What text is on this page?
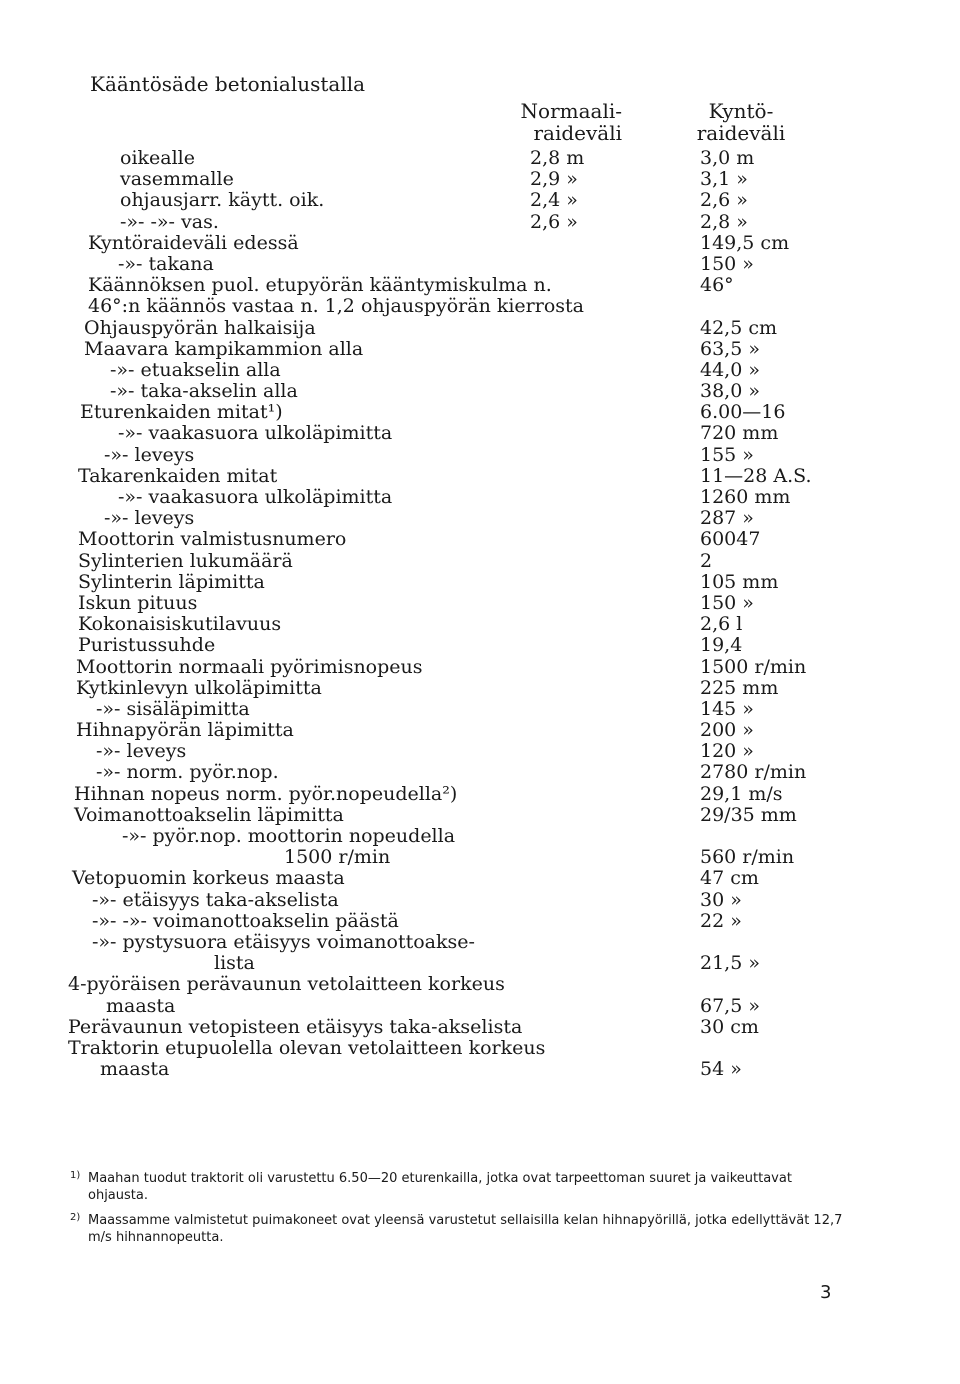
Kääntösäde betonialustalla
Normaali-
raideväli
Kyntö-
raideväli
oikealle	2,8 m	3,0 m
vasemmalle	2,9 »	3,1 »
ohjausjarr. käytt. oik.	2,4 »	2,6 »
-»- -»- vas.	2,6 »	2,8 »
Kyntöraideväli edessä	149,5 cm
-»- takana	150 »
Käännöksen puol. etupyörän kääntymiskulma n.	46°
46°:n käännös vastaa n. 1,2 ohjauspyörän kierrosta
Ohjauspyörän halkaisija	42,5 cm
Maavara kampikammion alla	63,5 »
-»- etuakselin alla	44,0 »
-»- taka-akselin alla	38,0 »
Eturenkaiden mitat¹)	6.00—16
-»- vaakasuora ulkoläpimitta	720 mm
-»- leveys	155 »
Takarenkaiden mitat	11—28 A.S.
-»- vaakasuora ulkoläpimitta	1260 mm
-»- leveys	287 »
Moottorin valmistusnumero	60047
Sylinterien lukumäärä	2
Sylinterin läpimitta	105 mm
Iskun pituus	150 »
Kokonaisiskutilavuus	2,6 l
Puristussuhde	19,4
Moottorin normaali pyörimisnopeus	1500 r/min
Kytkinlevyn ulkoläpimitta	225 mm
-»- sisäläpimitta	145 »
Hihnapyörän läpimitta	200 »
-»- leveys	120 »
-»- norm. pyör.nop.	2780 r/min
Hihnan nopeus norm. pyör.nopeudella²)	29,1 m/s
Voimanottoakselin läpimitta	29/35 mm
-»- pyör.nop. moottorin nopeudella
1500 r/min	560 r/min
Vetopuomin korkeus maasta	47 cm
-»- etäisyys taka-akselista	30 »
-»- -»- voimanottoakselin päästä	22 »
-»- pystysuora etäisyys voimanottoakse-
lista	21,5 »
4-pyöräisen perävaunun vetolaitteen korkeus
maasta	67,5 »
Perävaunun vetopisteen etäisyys taka-akselista	30 cm
Traktorin etupuolella olevan vetolaitteen korkeus
maasta	54 »
1) Maahan tuodut traktorit oli varustettu 6.50—20 eturenkailla, jotka ovat tarpeettoman suuret ja vaikeuttavat ohjausta.
2) Maassamme valmistetut puimakoneet ovat yleensä varustetut sellaisilla kelan hihnapyörillä, jotka edellyttävät 12,7 m/s hihnannopeutta.
3
